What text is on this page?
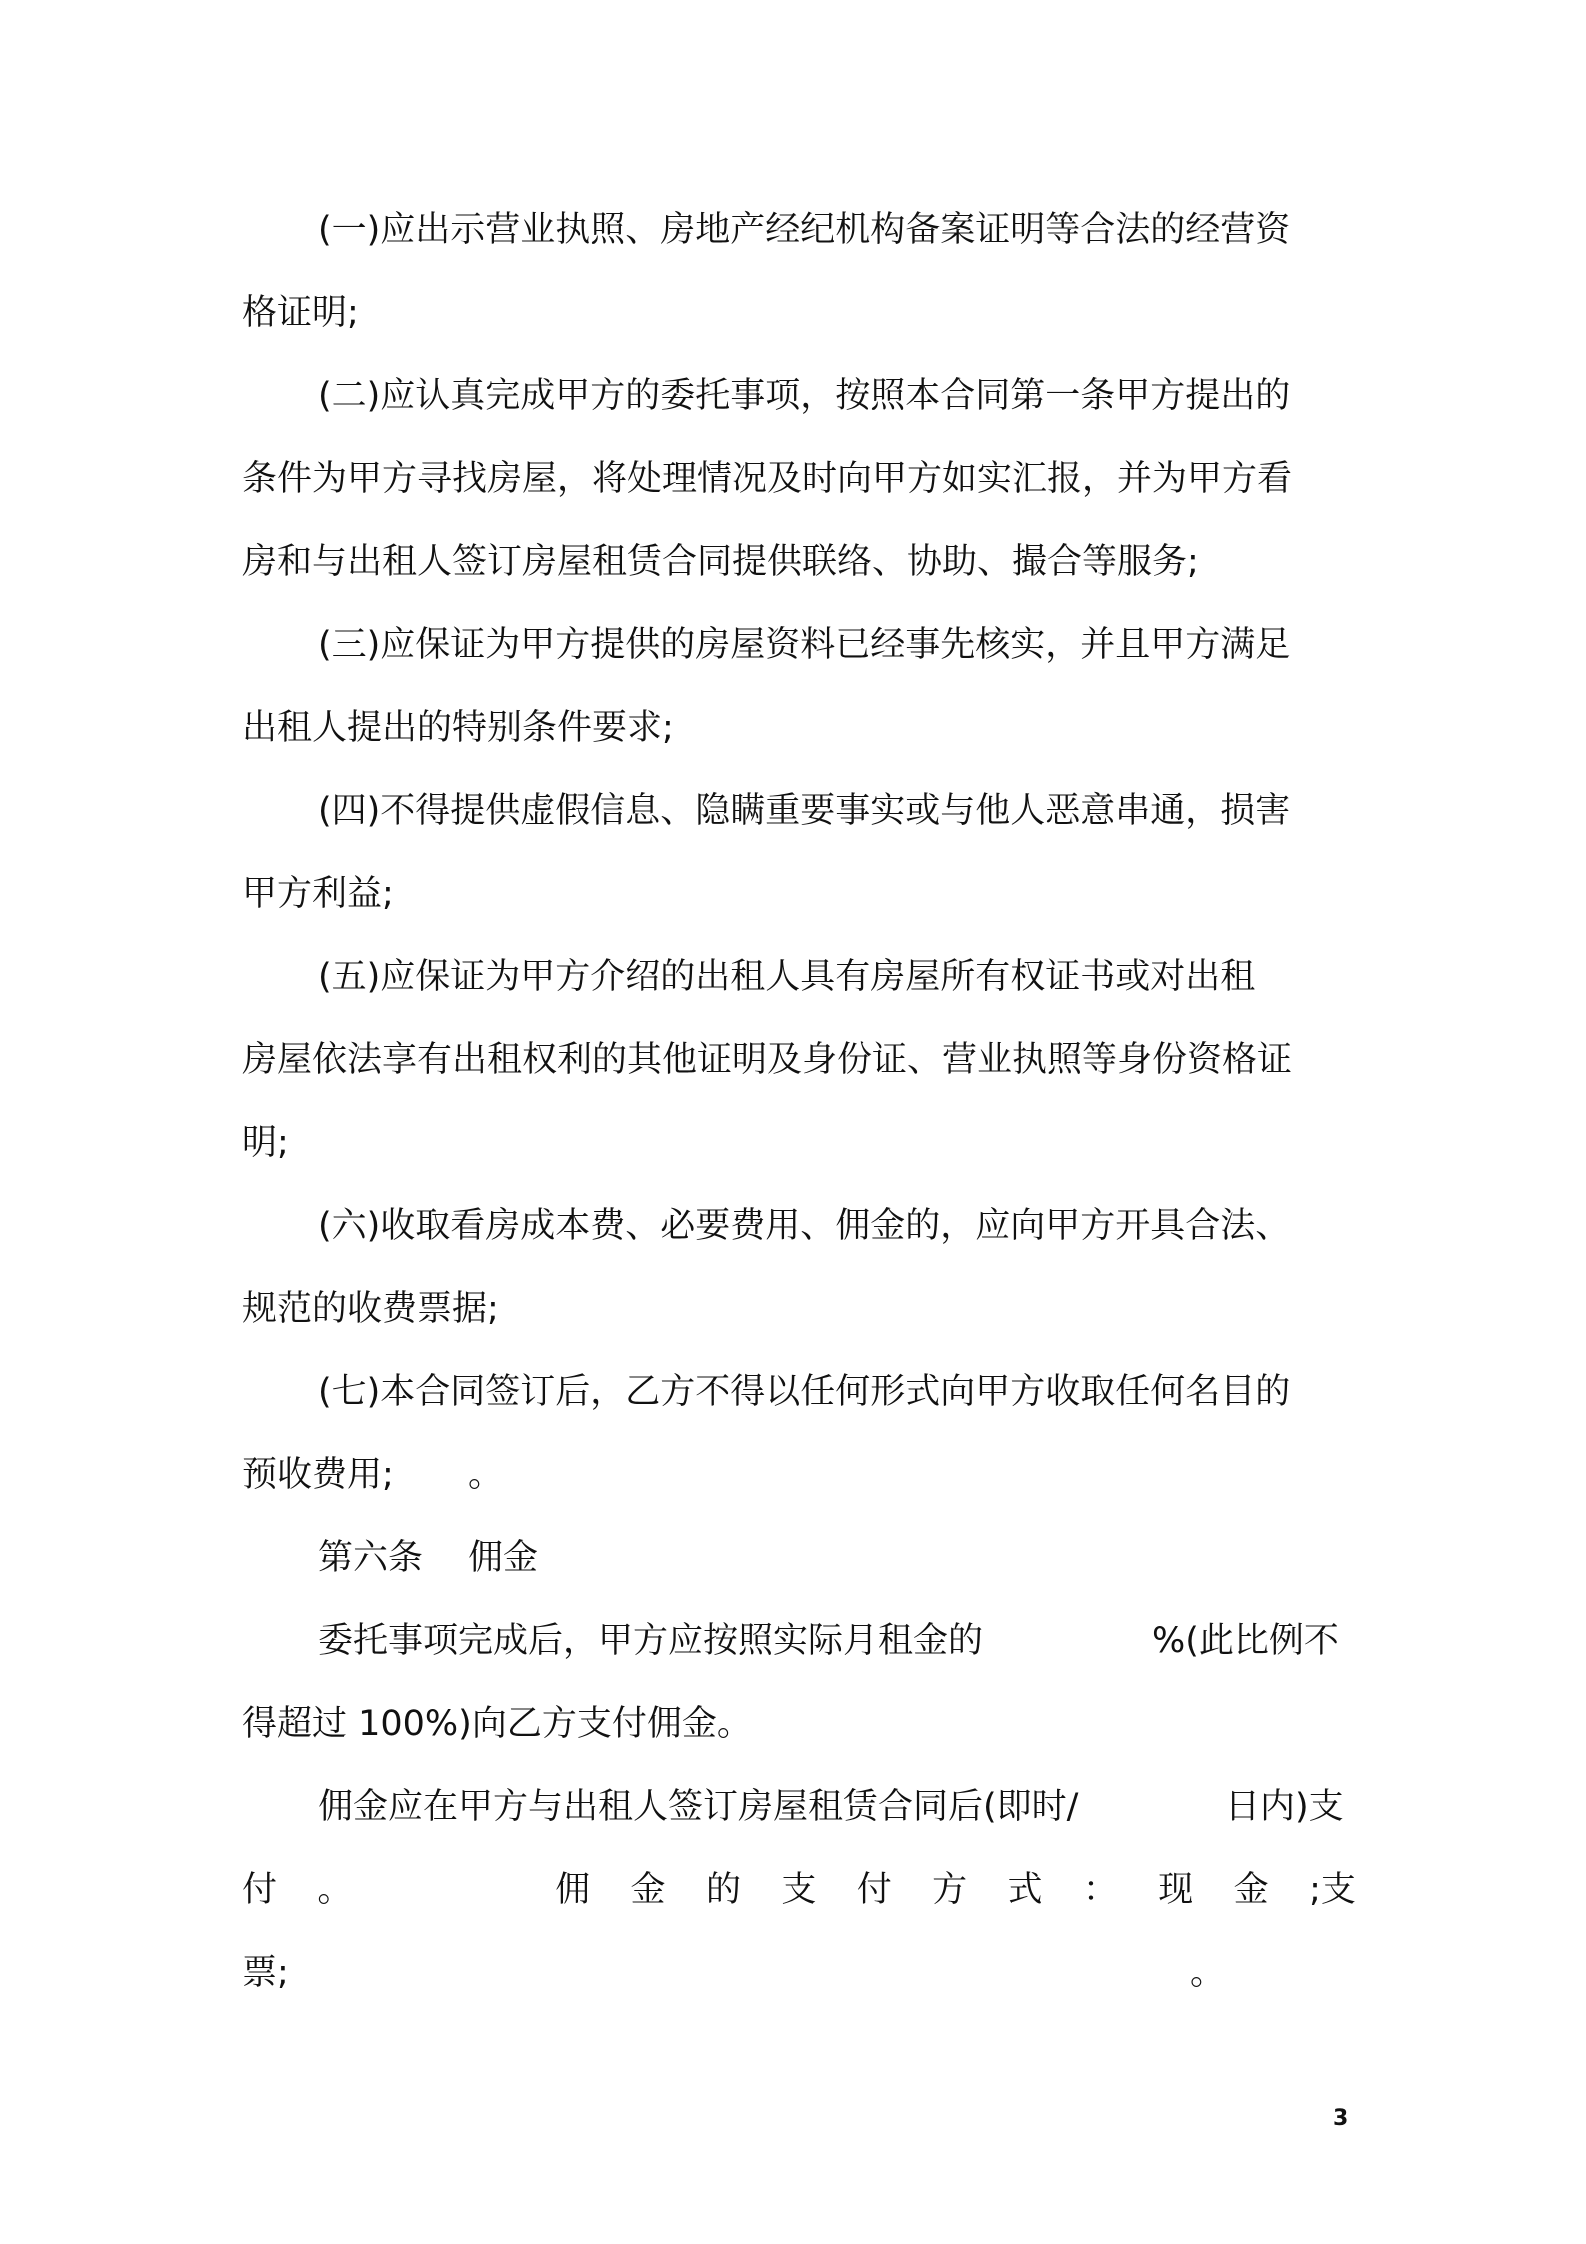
(一)应出示营业执照、房地产经纪机构备案证明等合法的经营资
格证明;
(二)应认真完成甲方的委托事项，按照本合同第一条甲方提出的
条件为甲方寻找房屋，将处理情况及时向甲方如实汇报，并为甲方看
房和与出租人签订房屋租赁合同提供联络、协助、撮合等服务;
(三)应保证为甲方提供的房屋资料已经事先核实，并且甲方满足
出租人提出的特别条件要求;
(四)不得提供虚假信息、隐瞒重要事实或与他人恶意串通，损害
甲方利益;
(五)应保证为甲方介绍的出租人具有房屋所有权证书或对出租
房屋依法享有出租权利的其他证明及身份证、营业执照等身份资格证
明;
(六)收取看房成本费、必要费用、佣金的，应向甲方开具合法、
规范的收费票据;
(七)本合同签订后，乙方不得以任何形式向甲方收取任何名目的
预收费用; 。
第六条 佣金
委托事项完成后，甲方应按照实际月租金的	%(此比例不
得超过 100%)向乙方支付佣金。
佣金应在甲方与出租人签订房屋租赁合同后(即时/	日内)支
付 。	佣 金 的 支 付 方 式 ： 现 金 ;支
票;	。
3
